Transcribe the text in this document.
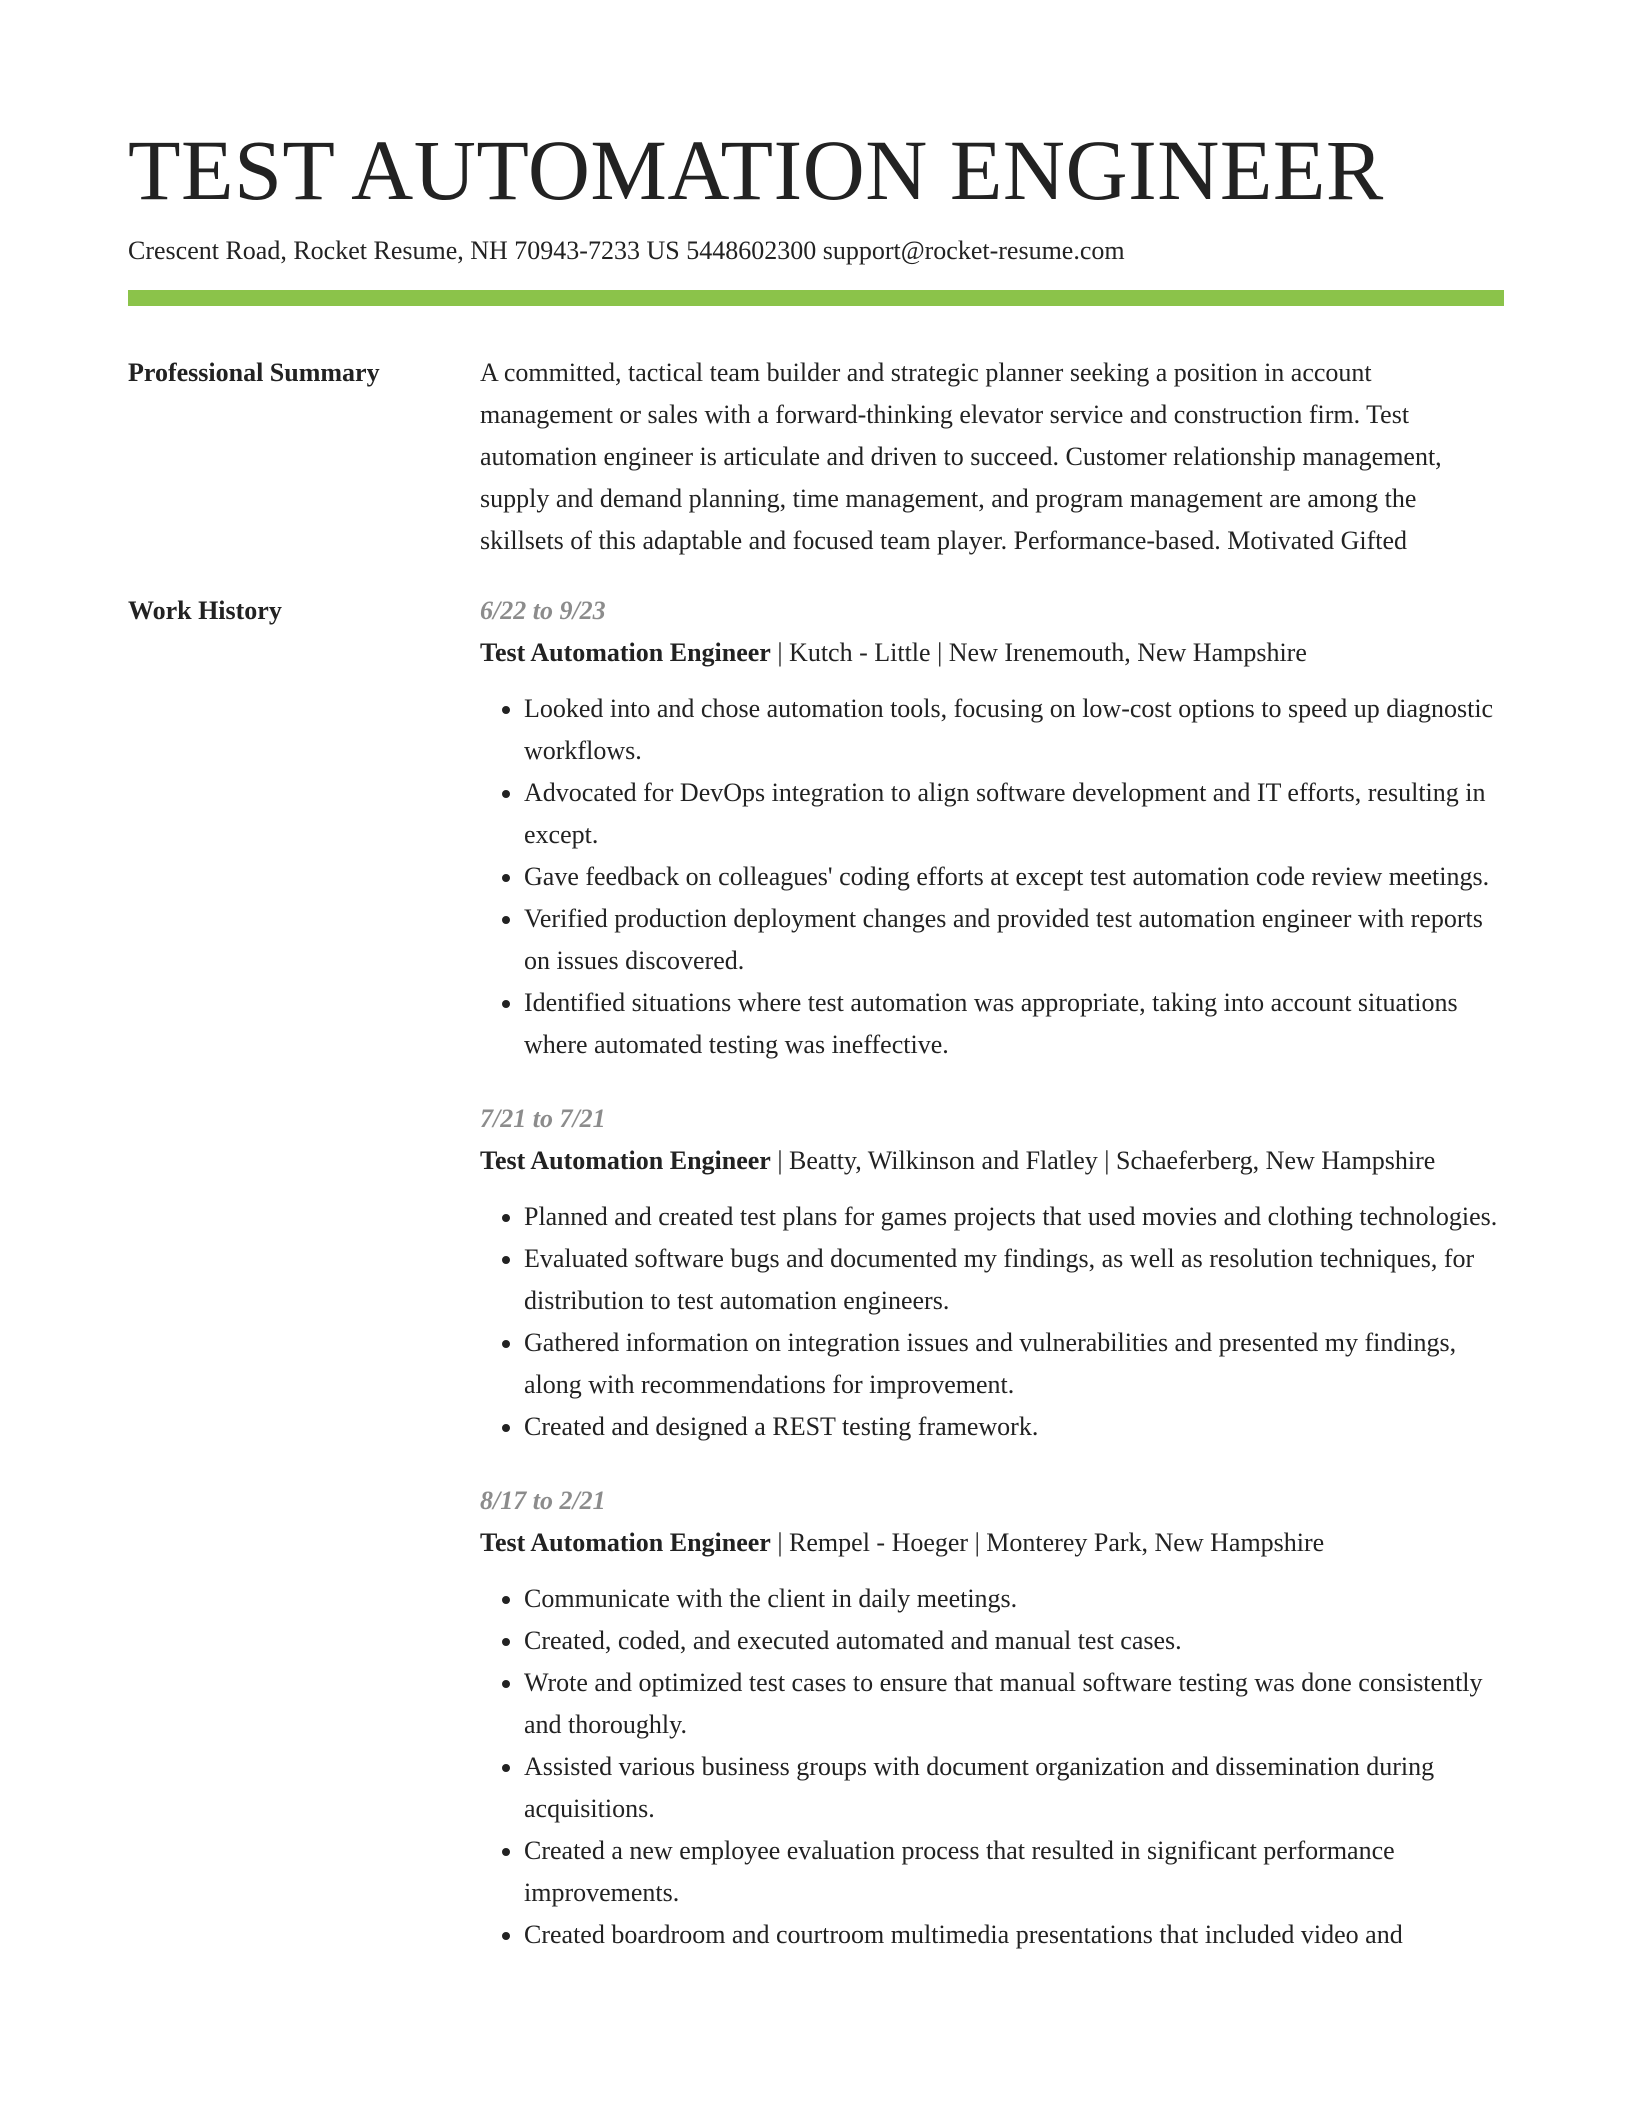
TEST AUTOMATION ENGINEER
Crescent Road, Rocket Resume, NH 70943-7233 US 5448602300 support@rocket-resume.com
Professional Summary	A committed, tactical team builder and strategic planner seeking a position in account management or sales with a forward-thinking elevator service and construction firm. Test automation engineer is articulate and driven to succeed. Customer relationship management, supply and demand planning, time management, and program management are among the skillsets of this adaptable and focused team player. Performance-based. Motivated Gifted

Work History	6/22 to 9/23
Test Automation Engineer | Kutch - Little | New Irenemouth, New Hampshire
• Looked into and chose automation tools, focusing on low-cost options to speed up diagnostic workflows.
• Advocated for DevOps integration to align software development and IT efforts, resulting in except.
• Gave feedback on colleagues' coding efforts at except test automation code review meetings.
• Verified production deployment changes and provided test automation engineer with reports on issues discovered.
• Identified situations where test automation was appropriate, taking into account situations where automated testing was ineffective.
7/21 to 7/21
Test Automation Engineer | Beatty, Wilkinson and Flatley | Schaeferberg, New Hampshire
• Planned and created test plans for games projects that used movies and clothing technologies.
• Evaluated software bugs and documented my findings, as well as resolution techniques, for distribution to test automation engineers.
• Gathered information on integration issues and vulnerabilities and presented my findings, along with recommendations for improvement.
• Created and designed a REST testing framework.
8/17 to 2/21
Test Automation Engineer | Rempel - Hoeger | Monterey Park, New Hampshire
• Communicate with the client in daily meetings.
• Created, coded, and executed automated and manual test cases.
• Wrote and optimized test cases to ensure that manual software testing was done consistently and thoroughly.
• Assisted various business groups with document organization and dissemination during acquisitions.
• Created a new employee evaluation process that resulted in significant performance improvements.
• Created boardroom and courtroom multimedia presentations that included video and
